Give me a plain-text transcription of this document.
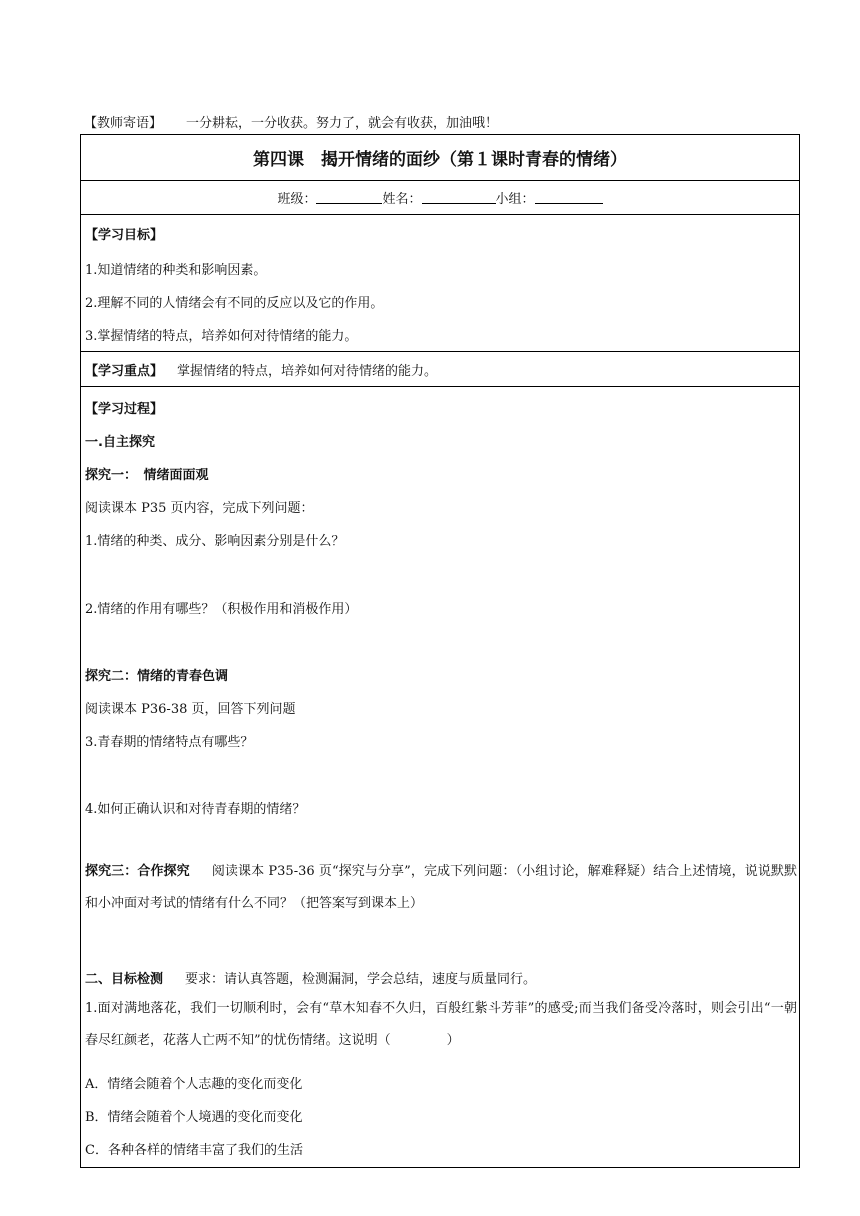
【教师寄语】 一分耕耘，一分收获。努力了，就会有收获，加油哦！
第四课　揭开情绪的面纱（第１课时青春的情绪）
班级：	姓名：	小组：
【学习目标】
1.知道情绪的种类和影响因素。
2.理解不同的人情绪会有不同的反应以及它的作用。
3.掌握情绪的特点，培养如何对待情绪的能力。
【学习重点】 掌握情绪的特点，培养如何对待情绪的能力。
【学习过程】
一.自主探究
探究一：　情绪面面观
阅读课本 P35 页内容，完成下列问题：
1.情绪的种类、成分、影响因素分别是什么？
2.情绪的作用有哪些？（积极作用和消极作用）
探究二：情绪的青春色调
阅读课本 P36-38 页，回答下列问题
3.青春期的情绪特点有哪些？
4.如何正确认识和对待青春期的情绪？
探究三：合作探究 阅读课本 P35-36 页“探究与分享”，完成下列问题：（小组讨论，解难释疑）结合上述情境，说说默默和小冲面对考试的情绪有什么不同？（把答案写到课本上）
二、目标检测 要求：请认真答题，检测漏洞，学会总结，速度与质量同行。
1.面对满地落花，我们一切顺利时，会有“草木知春不久归，百般红紫斗芳菲”的感受;而当我们备受冷落时，则会引出“一朝春尽红颜老，花落人亡两不知”的忧伤情绪。这说明（	）
A．情绪会随着个人志趣的变化而变化
B．情绪会随着个人境遇的变化而变化
C．各种各样的情绪丰富了我们的生活
